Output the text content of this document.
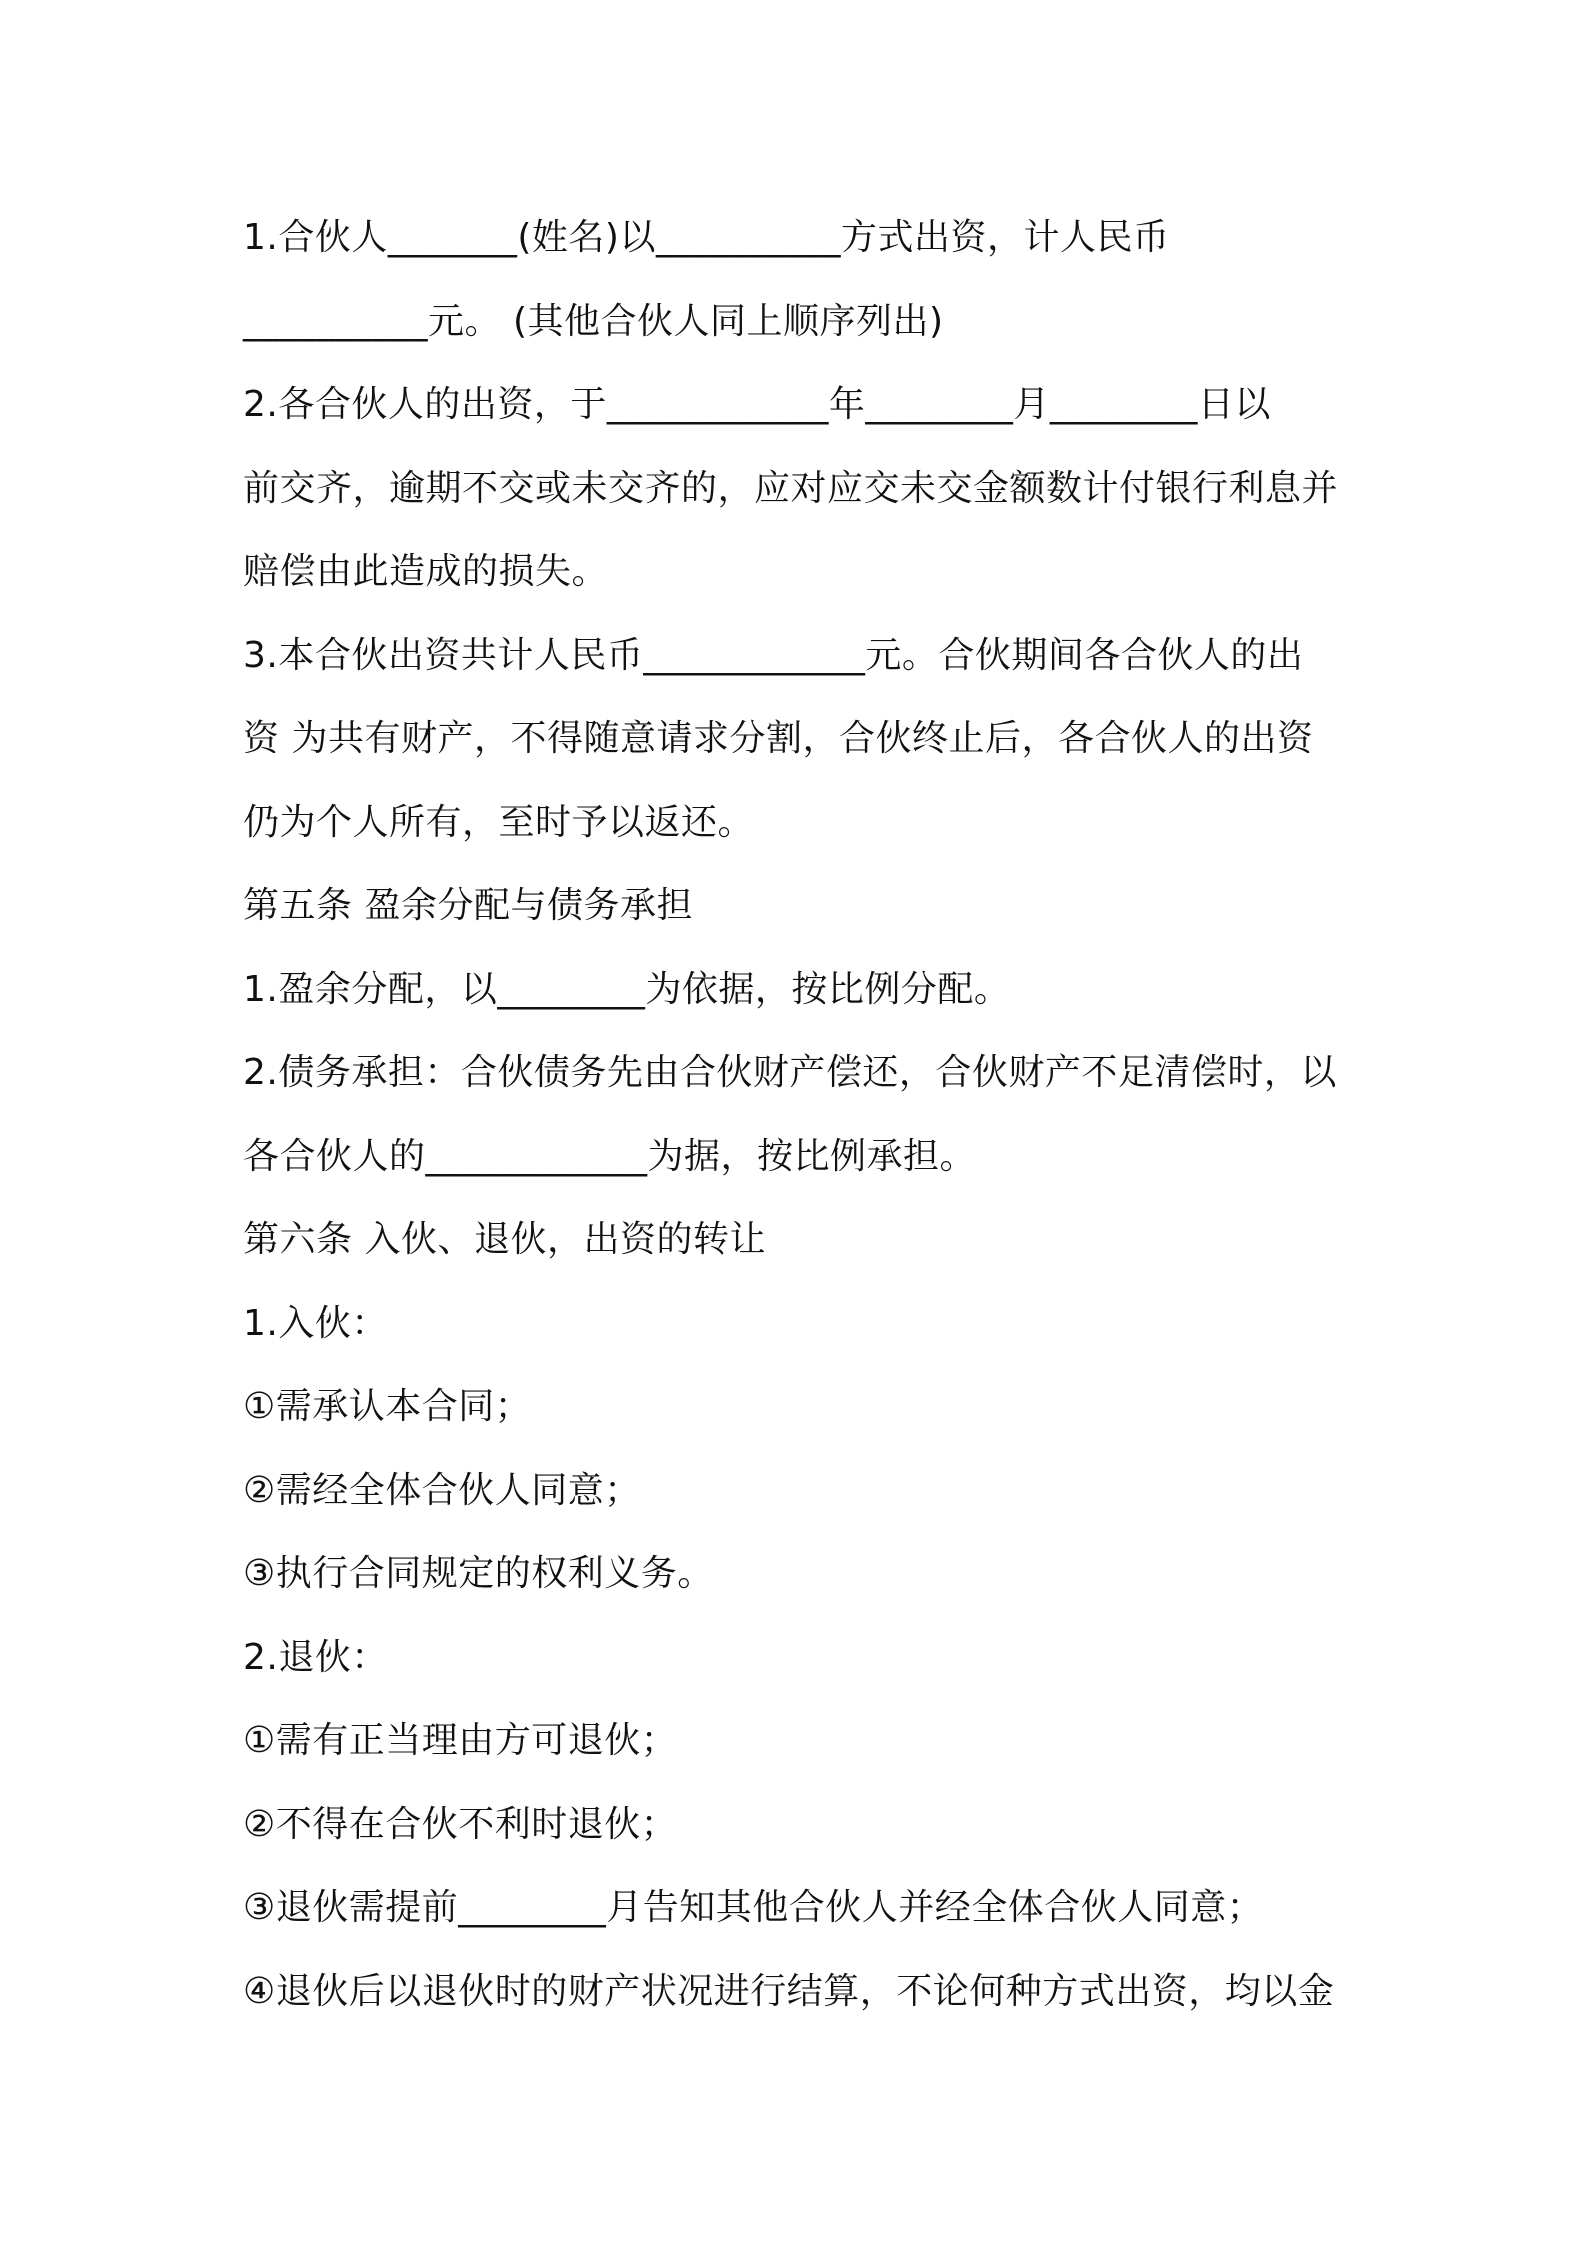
1.合伙人_______(姓名)以__________方式出资，计人民币
__________元。 (其他合伙人同上顺序列出)
2.各合伙人的出资，于____________年________月________日以
前交齐，逾期不交或未交齐的，应对应交未交金额数计付银行利息并
赔偿由此造成的损失。
3.本合伙出资共计人民币____________元。合伙期间各合伙人的出
资 为共有财产，不得随意请求分割，合伙终止后，各合伙人的出资
仍为个人所有，至时予以返还。
第五条 盈余分配与债务承担
1.盈余分配，以________为依据，按比例分配。
2.债务承担：合伙债务先由合伙财产偿还，合伙财产不足清偿时，以
各合伙人的____________为据，按比例承担。
第六条 入伙、退伙，出资的转让
1.入伙：
①需承认本合同；
②需经全体合伙人同意；
③执行合同规定的权利义务。
2.退伙：
①需有正当理由方可退伙；
②不得在合伙不利时退伙；
③退伙需提前________月告知其他合伙人并经全体合伙人同意；
④退伙后以退伙时的财产状况进行结算，不论何种方式出资，均以金
